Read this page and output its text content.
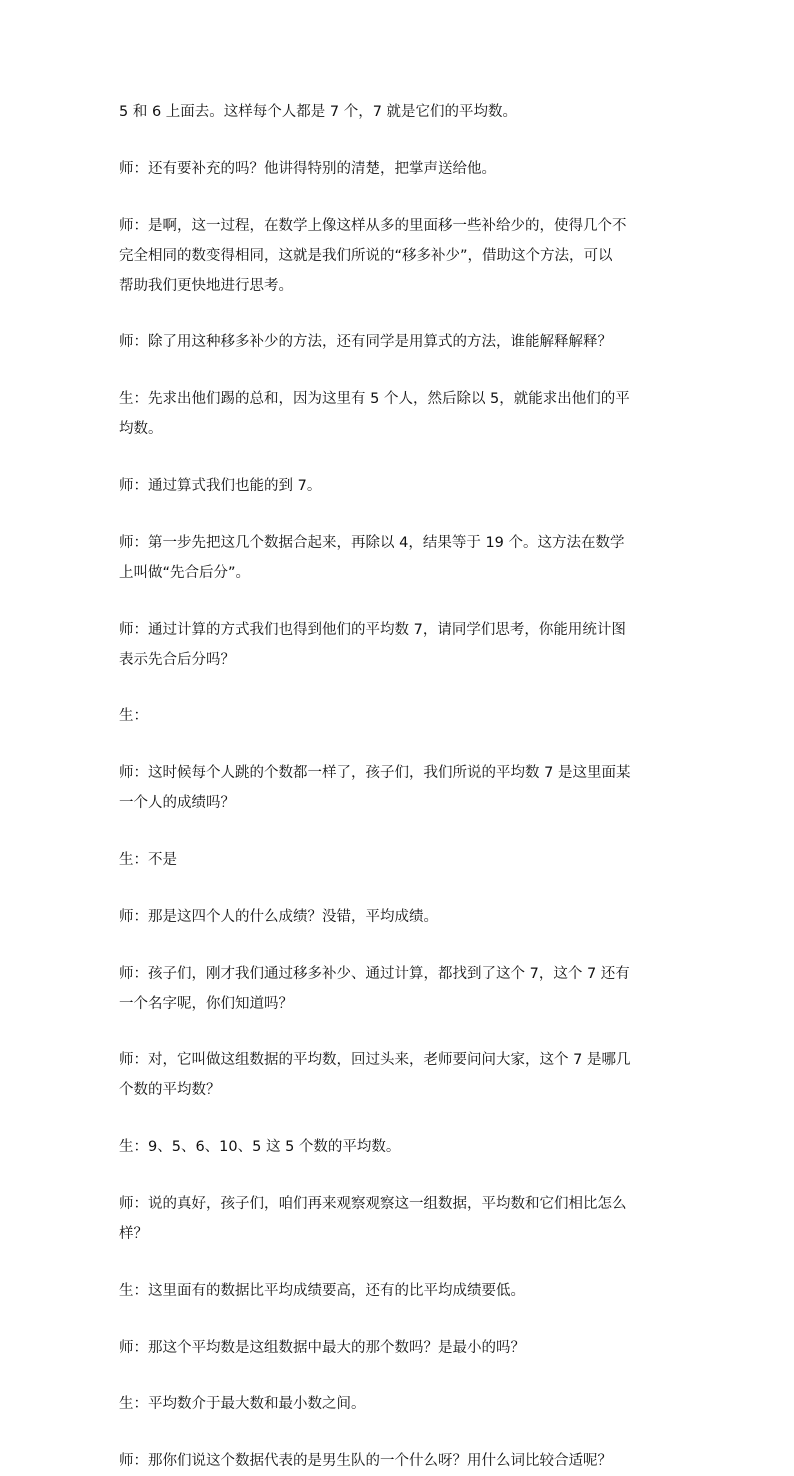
5 和 6 上面去。这样每个人都是 7 个，7 就是它们的平均数。
师：还有要补充的吗？他讲得特别的清楚，把掌声送给他。
师：是啊，这一过程，在数学上像这样从多的里面移一些补给少的，使得几个不
完全相同的数变得相同，这就是我们所说的“移多补少”，借助这个方法，可以
帮助我们更快地进行思考。
师：除了用这种移多补少的方法，还有同学是用算式的方法，谁能解释解释？
生：先求出他们踢的总和，因为这里有 5 个人，然后除以 5，就能求出他们的平
均数。
师：通过算式我们也能的到 7。
师：第一步先把这几个数据合起来，再除以 4，结果等于 19 个。这方法在数学
上叫做“先合后分”。
师：通过计算的方式我们也得到他们的平均数 7，请同学们思考，你能用统计图
表示先合后分吗？
生：
师：这时候每个人跳的个数都一样了，孩子们，我们所说的平均数 7 是这里面某
一个人的成绩吗？
生：不是
师：那是这四个人的什么成绩？没错，平均成绩。
师：孩子们，刚才我们通过移多补少、通过计算，都找到了这个 7，这个 7 还有
一个名字呢，你们知道吗？
师：对，它叫做这组数据的平均数，回过头来，老师要问问大家，这个 7 是哪几
个数的平均数？
生：9、5、6、10、5 这 5 个数的平均数。
师：说的真好，孩子们，咱们再来观察观察这一组数据，平均数和它们相比怎么
样？
生：这里面有的数据比平均成绩要高，还有的比平均成绩要低。
师：那这个平均数是这组数据中最大的那个数吗？是最小的吗？
生：平均数介于最大数和最小数之间。
师：那你们说这个数据代表的是男生队的一个什么呀？用什么词比较合适呢？
